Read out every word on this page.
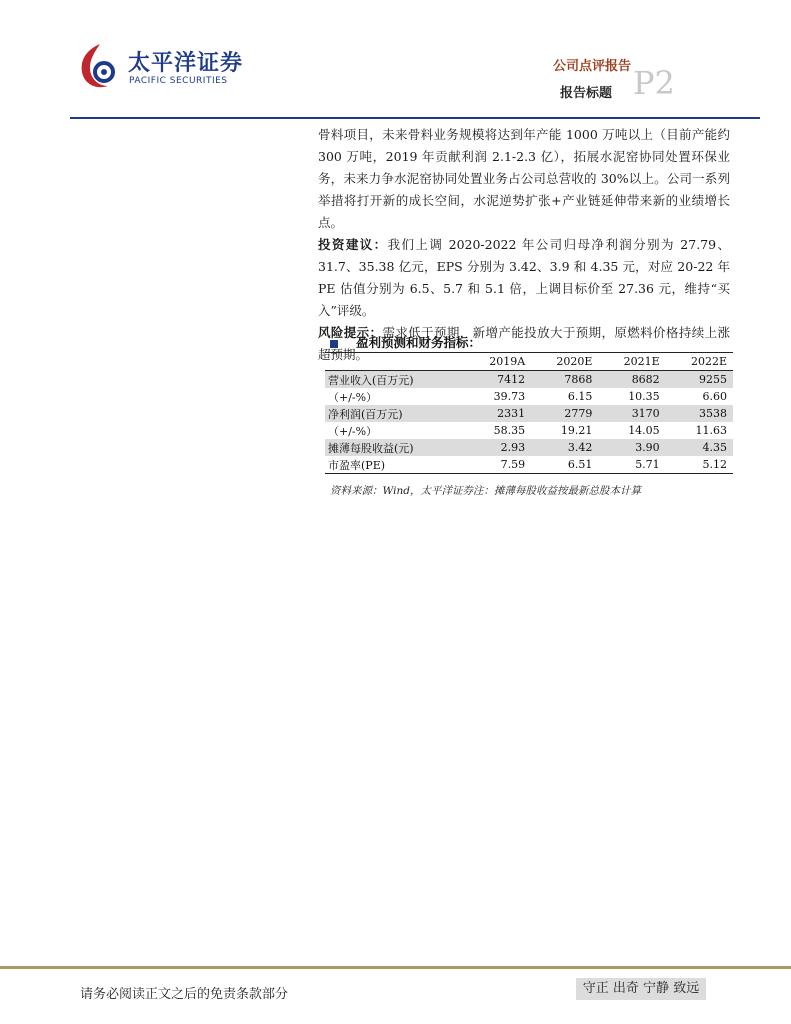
太平洋证券
PACIFIC SECURITIES
公司点评报告 P2
报告标题

骨料项目，未来骨料业务规模将达到年产能 1000 万吨以上（目前产能约 300 万吨，2019 年贡献利润 2.1-2.3 亿），拓展水泥窑协同处置环保业务，未来力争水泥窑协同处置业务占公司总营收的 30%以上。公司一系列举措将打开新的成长空间，水泥逆势扩张+产业链延伸带来新的业绩增长点。

投资建议：我们上调 2020-2022 年公司归母净利润分别为 27.79、31.7、35.38 亿元，EPS 分别为 3.42、3.9 和 4.35 元，对应 20-22 年 PE 估值分别为 6.5、5.7 和 5.1 倍，上调目标价至 27.36 元，维持“买入”评级。

风险提示：需求低于预期，新增产能投放大于预期，原燃料价格持续上涨超预期。

盈利预测和财务指标：
	2019A	2020E	2021E	2022E
营业收入(百万元)	7412	7868	8682	9255
（+/-%）	39.73	6.15	10.35	6.60
净利润(百万元)	2331	2779	3170	3538
（+/-%）	58.35	19.21	14.05	11.63
摊薄每股收益(元)	2.93	3.42	3.90	4.35
市盈率(PE)	7.59	6.51	5.71	5.12
资料来源：Wind，太平洋证券注：摊薄每股收益按最新总股本计算
请务必阅读正文之后的免责条款部分	守正 出奇 宁静 致远
